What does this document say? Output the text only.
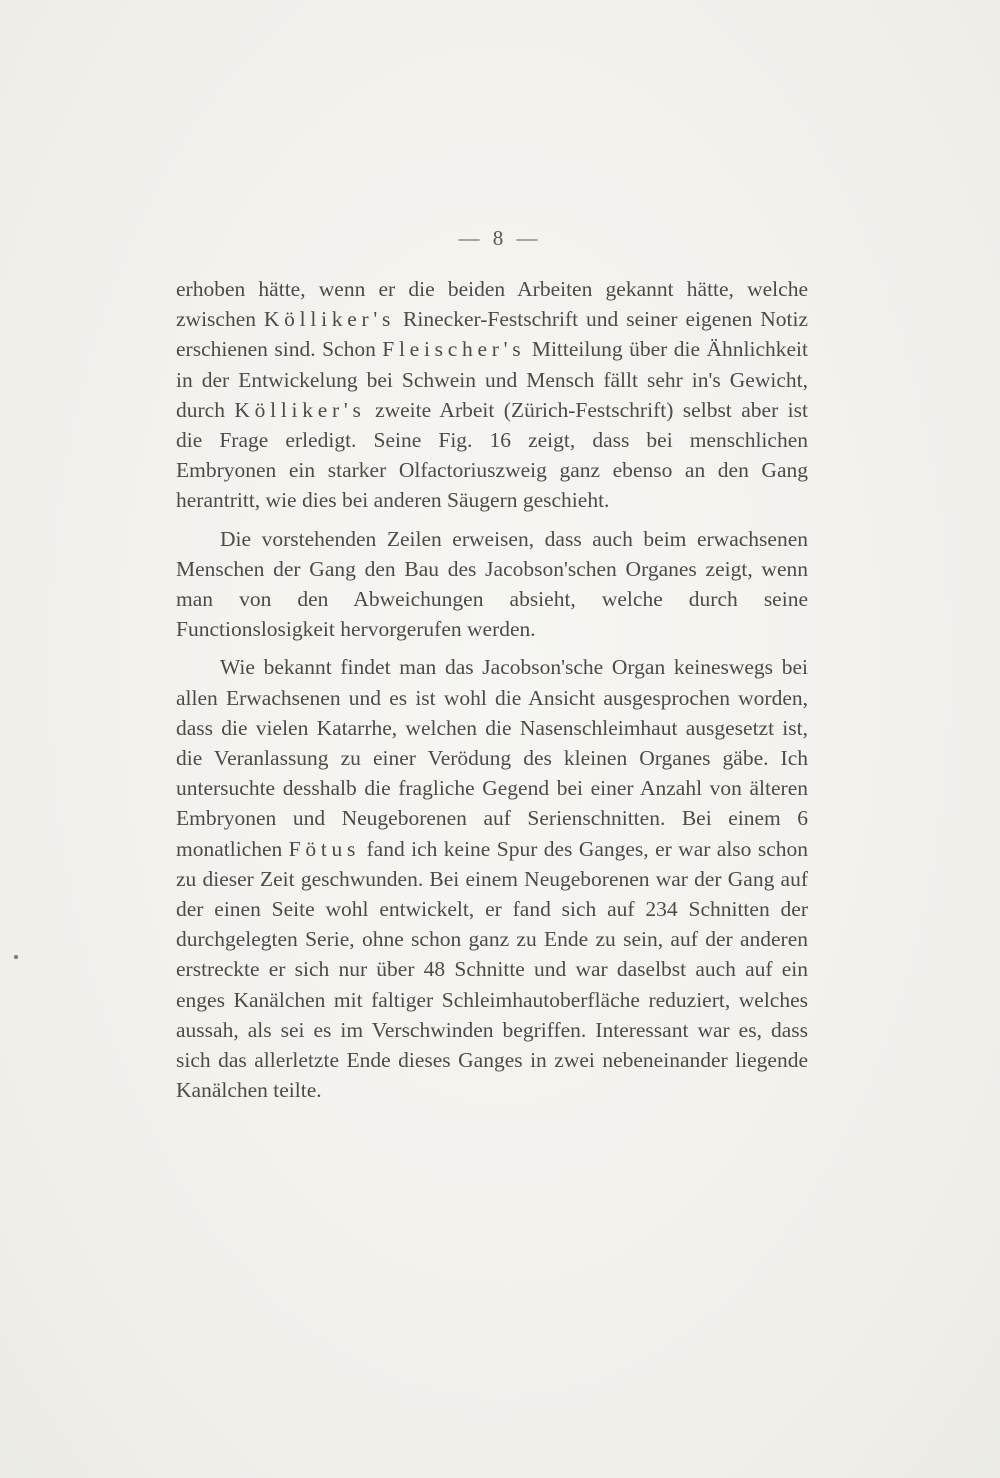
— 8 —

erhoben hätte, wenn er die beiden Arbeiten gekannt hätte, welche zwischen Kölliker's Rinecker-Festschrift und seiner eigenen Notiz erschienen sind. Schon Fleischer's Mitteilung über die Ähnlichkeit in der Entwickelung bei Schwein und Mensch fällt sehr in's Gewicht, durch Kölliker's zweite Arbeit (Zürich-Festschrift) selbst aber ist die Frage erledigt. Seine Fig. 16 zeigt, dass bei menschlichen Embryonen ein starker Olfactoriuszweig ganz ebenso an den Gang herantritt, wie dies bei anderen Säugern geschieht.

Die vorstehenden Zeilen erweisen, dass auch beim erwachsenen Menschen der Gang den Bau des Jacobson'schen Organes zeigt, wenn man von den Abweichungen absieht, welche durch seine Functionslosigkeit hervorgerufen werden.

Wie bekannt findet man das Jacobson'sche Organ keineswegs bei allen Erwachsenen und es ist wohl die Ansicht ausgesprochen worden, dass die vielen Katarrhe, welchen die Nasenschleimhaut ausgesetzt ist, die Veranlassung zu einer Verödung des kleinen Organes gäbe. Ich untersuchte desshalb die fragliche Gegend bei einer Anzahl von älteren Embryonen und Neugeborenen auf Serienschnitten. Bei einem 6 monatlichen Fötus fand ich keine Spur des Ganges, er war also schon zu dieser Zeit geschwunden. Bei einem Neugeborenen war der Gang auf der einen Seite wohl entwickelt, er fand sich auf 234 Schnitten der durchgelegten Serie, ohne schon ganz zu Ende zu sein, auf der anderen erstreckte er sich nur über 48 Schnitte und war daselbst auch auf ein enges Kanälchen mit faltiger Schleimhautoberfläche reduziert, welches aussah, als sei es im Verschwinden begriffen. Interessant war es, dass sich das allerletzte Ende dieses Ganges in zwei nebeneinander liegende Kanälchen teilte.
